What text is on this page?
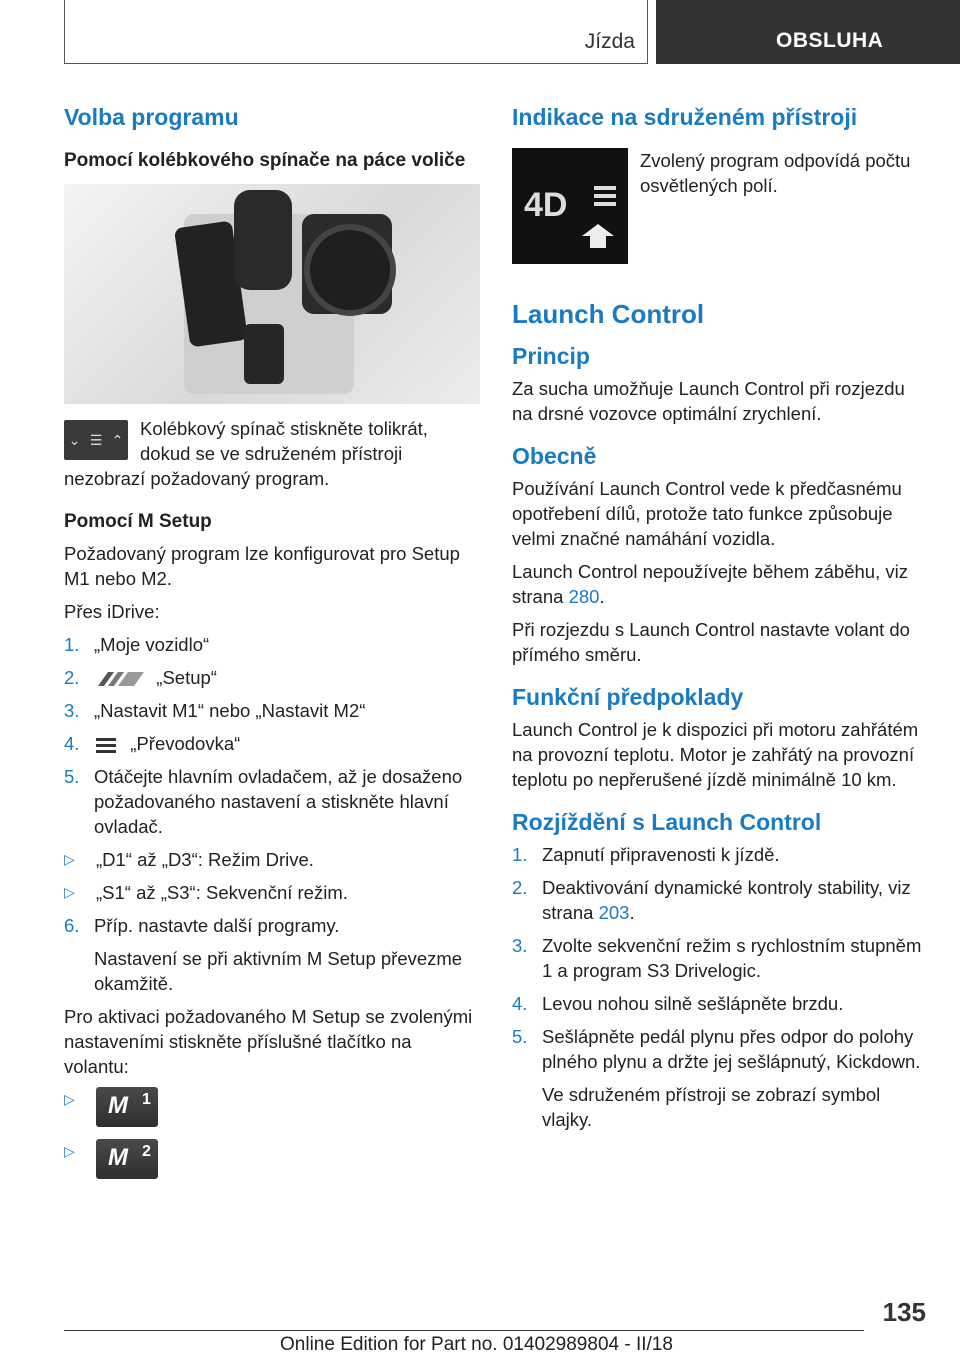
Jízda	OBSLUHA
Volba programu
Pomocí kolébkového spínače na páce voliče
⌄ ☰ ⌃

Kolébkový spínač stiskněte tolikrát, dokud se ve sdruženém přístroji nezobrazí požadovaný program.

Pomocí M Setup

Požadovaný program lze konfigurovat pro Setup M1 nebo M2.

Přes iDrive:

1. „Moje vozidlo“
2.	„Setup“
3. „Nastavit M1“ nebo „Nastavit M2“
4.	„Převodovka“
5. Otáčejte hlavním ovladačem, až je dosaženo požadovaného nastavení a stiskněte hlavní ovladač.
▷ „D1“ až „D3“: Režim Drive.
▷ „S1“ až „S3“: Sekvenční režim.
6. Příp. nastavte další programy.

Nastavení se při aktivním M Setup převezme okamžitě.

Pro aktivaci požadovaného M Setup se zvolenými nastaveními stiskněte příslušné tlačítko na volantu:

▷ M 1
▷ M 2
Indikace na sdruženém přístroji
4D

Zvolený program odpovídá počtu osvětlených polí.

Launch Control
Princip

Za sucha umožňuje Launch Control při rozjezdu na drsné vozovce optimální zrychlení.

Obecně

Používání Launch Control vede k předčasnému opotřebení dílů, protože tato funkce způsobuje velmi značné namáhání vozidla.

Launch Control nepoužívejte během záběhu, viz strana 280.

Při rozjezdu s Launch Control nastavte volant do přímého směru.

Funkční předpoklady

Launch Control je k dispozici při motoru zahřátém na provozní teplotu. Motor je zahřátý na provozní teplotu po nepřerušené jízdě minimálně 10 km.

Rozjíždění s Launch Control
1. Zapnutí připravenosti k jízdě.
2. Deaktivování dynamické kontroly stability, viz strana 203.
3. Zvolte sekvenční režim s rychlostním stupněm 1 a program S3 Drivelogic.
4. Levou nohou silně sešlápněte brzdu.
5. Sešlápněte pedál plynu přes odpor do polohy plného plynu a držte jej sešlápnutý, Kickdown.

Ve sdruženém přístroji se zobrazí symbol vlajky.

135
Online Edition for Part no. 01402989804 - II/18
